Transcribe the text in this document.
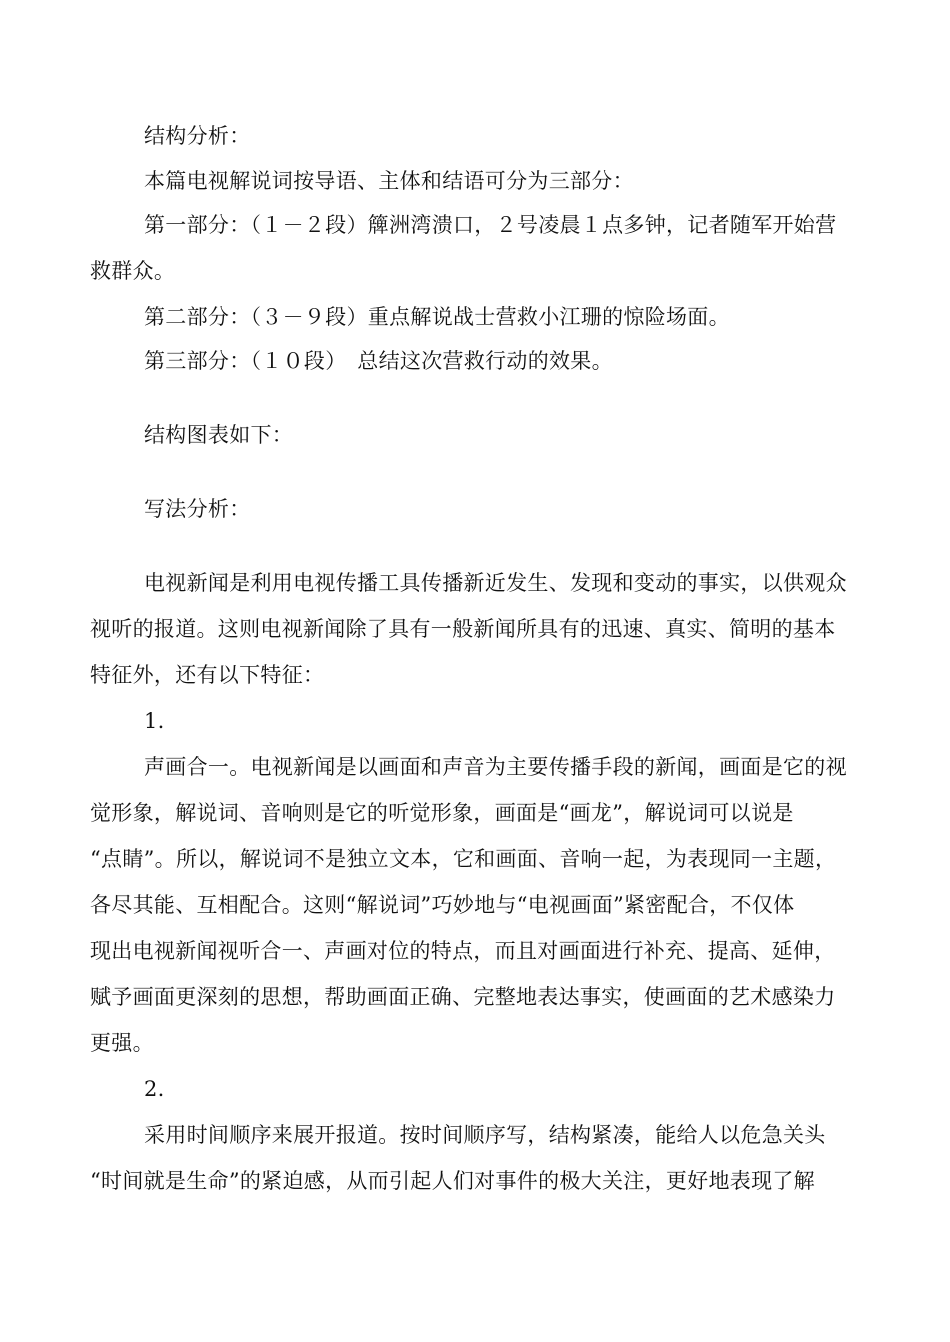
结构分析：

本篇电视解说词按导语、主体和结语可分为三部分：

第一部分：（１－２段）簰洲湾溃口，２号凌晨１点多钟，记者随军开始营

救群众。

第二部分：（３－９段）重点解说战士营救小江珊的惊险场面。

第三部分：（１０段）　总结这次营救行动的效果。

结构图表如下：

写法分析：

电视新闻是利用电视传播工具传播新近发生、发现和变动的事实，以供观众

视听的报道。这则电视新闻除了具有一般新闻所具有的迅速、真实、简明的基本

特征外，还有以下特征：

1.

声画合一。电视新闻是以画面和声音为主要传播手段的新闻，画面是它的视

觉形象，解说词、音响则是它的听觉形象，画面是“画龙”，解说词可以说是

“点睛”。所以，解说词不是独立文本，它和画面、音响一起，为表现同一主题，

各尽其能、互相配合。这则“解说词”巧妙地与“电视画面”紧密配合，不仅体

现出电视新闻视听合一、声画对位的特点，而且对画面进行补充、提高、延伸，

赋予画面更深刻的思想，帮助画面正确、完整地表达事实，使画面的艺术感染力

更强。

2.

采用时间顺序来展开报道。按时间顺序写，结构紧凑，能给人以危急关头

“时间就是生命”的紧迫感，从而引起人们对事件的极大关注，更好地表现了解
